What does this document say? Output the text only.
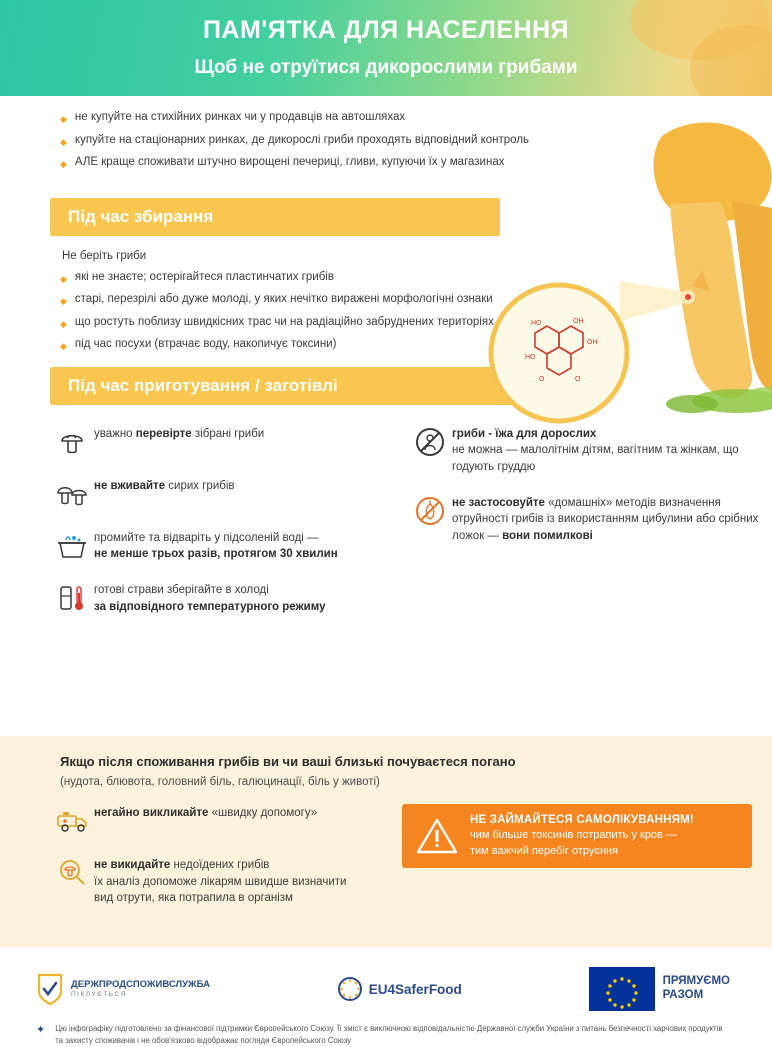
ПАМ'ЯТКА ДЛЯ НАСЕЛЕННЯ
Щоб не отруїтися дикорослими грибами
HO	OH
OH
HO
O	O
◆ не купуйте на стихійних ринках чи у продавців на автошляхах
◆ купуйте на стаціонарних ринках, де дикорослі гриби проходять відповідний контроль
◆ АЛЕ краще споживати штучно вирощені печериці, гливи, купуючи їх у магазинах
Під час збирання
Не беріть гриби
◆ які не знаєте; остерігайтеся пластинчатих грибів
◆ старі, перезрілі або дуже молоді, у яких нечітко виражені морфологічні ознаки
◆ що ростуть поблизу швидкісних трас чи на радіаційно забруднених територіях
◆ під час посухи (втрачає воду, накопичує токсини)
Під час приготування / заготівлі
уважно перевірте зібрані гриби
не вживайте сирих грибів
промийте та відваріть у підсоленій воді —
не менше трьох разів, протягом 30 хвилин
готові страви зберігайте в холоді
за відповідного температурного режиму
гриби - їжа для дорослих
не можна — малолітнім дітям, вагітним та жінкам, що годують груддю
не застосовуйте «домашніх» методів визначення отруйності грибів із використанням цибулини або срібних ложок — вони помилкові
Якщо після споживання грибів ви чи ваші близькі почуваєтеся погано
(нудота, блювота, головний біль, галюцинації, біль у животі)
негайно викликайте «швидку допомогу»
не викидайте недоїдених грибів
їх аналіз допоможе лікарям швидше визначити
вид отрути, яка потрапила в організм
НЕ ЗАЙМАЙТЕСЯ САМОЛІКУВАННЯМ!
чим більше токсинів потрапить у кров —
тим важчий перебіг отруєння
ДЕРЖПРОДСПОЖИВСЛУЖБА
ПІКЛУЄТЬСЯ	EU4SaferFood
ПРЯМУЄМО
РАЗОМ
✦ Цю інфографіку підготовлено за фінансової підтримки Європейського Союзу. Її зміст є виключною відповідальністю Державної служби України з питань безпечності харчових продуктів та захисту споживачів і не обов'язково відображає погляди Європейського Союзу
